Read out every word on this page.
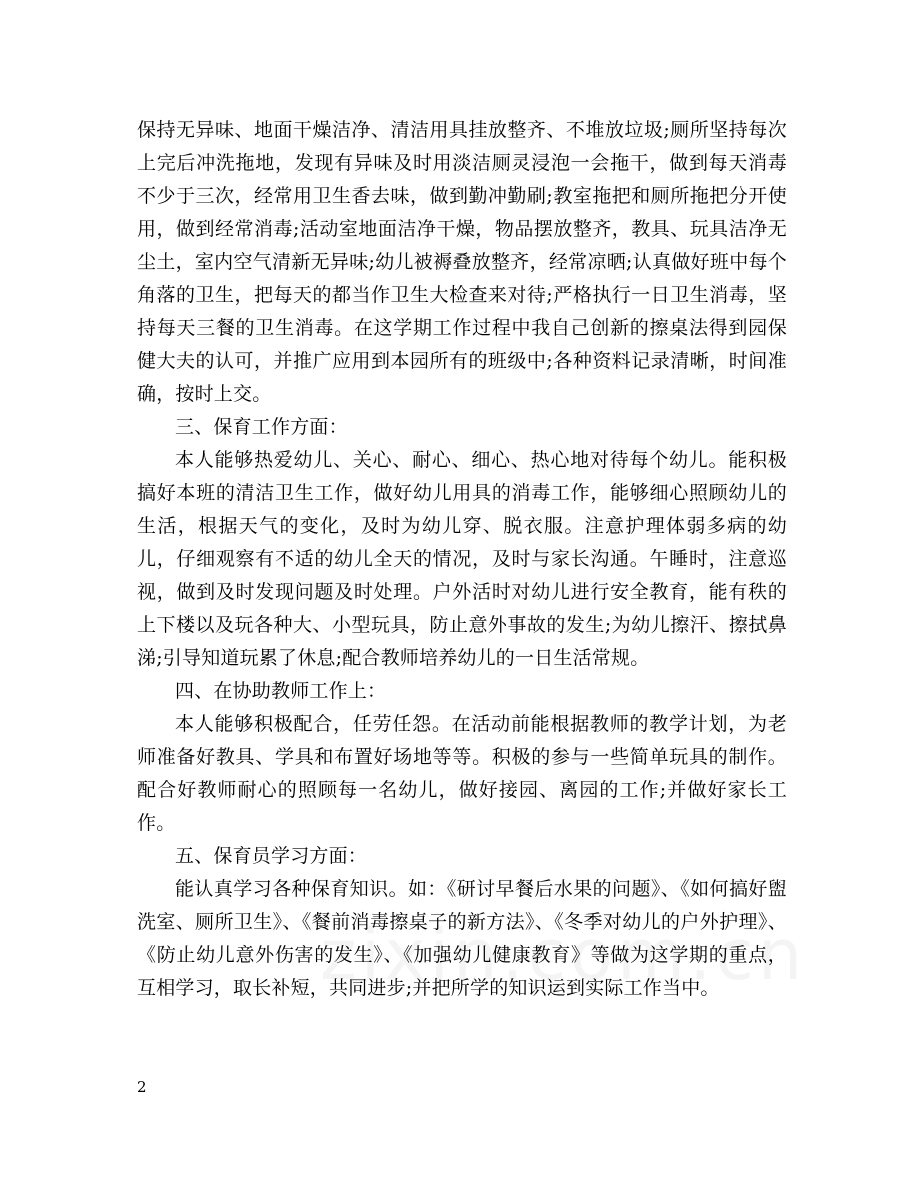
保持无异味、地面干燥洁净、清洁用具挂放整齐、不堆放垃圾;厕所坚持每次上完后冲洗拖地，发现有异味及时用淡洁厕灵浸泡一会拖干，做到每天消毒不少于三次，经常用卫生香去味，做到勤冲勤刷;教室拖把和厕所拖把分开使用，做到经常消毒;活动室地面洁净干燥，物品摆放整齐，教具、玩具洁净无尘土，室内空气清新无异味;幼儿被褥叠放整齐，经常凉晒;认真做好班中每个角落的卫生，把每天的都当作卫生大检查来对待;严格执行一日卫生消毒，坚持每天三餐的卫生消毒。在这学期工作过程中我自己创新的擦桌法得到园保健大夫的认可，并推广应用到本园所有的班级中;各种资料记录清晰，时间准确，按时上交。

三、保育工作方面：

本人能够热爱幼儿、关心、耐心、细心、热心地对待每个幼儿。能积极搞好本班的清洁卫生工作，做好幼儿用具的消毒工作，能够细心照顾幼儿的生活，根据天气的变化，及时为幼儿穿、脱衣服。注意护理体弱多病的幼儿，仔细观察有不适的幼儿全天的情况，及时与家长沟通。午睡时，注意巡视，做到及时发现问题及时处理。户外活时对幼儿进行安全教育，能有秩的上下楼以及玩各种大、小型玩具，防止意外事故的发生;为幼儿擦汗、擦拭鼻涕;引导知道玩累了休息;配合教师培养幼儿的一日生活常规。

四、在协助教师工作上：

本人能够积极配合，任劳任怨。在活动前能根据教师的教学计划，为老师准备好教具、学具和布置好场地等等。积极的参与一些简单玩具的制作。配合好教师耐心的照顾每一名幼儿，做好接园、离园的工作;并做好家长工作。

五、保育员学习方面：

能认真学习各种保育知识。如：《研讨早餐后水果的问题》、《如何搞好盥洗室、厕所卫生》、《餐前消毒擦桌子的新方法》、《冬季对幼儿的户外护理》、《防止幼儿意外伤害的发生》、《加强幼儿健康教育》等做为这学期的重点，互相学习，取长补短，共同进步;并把所学的知识运到实际工作当中。

2
